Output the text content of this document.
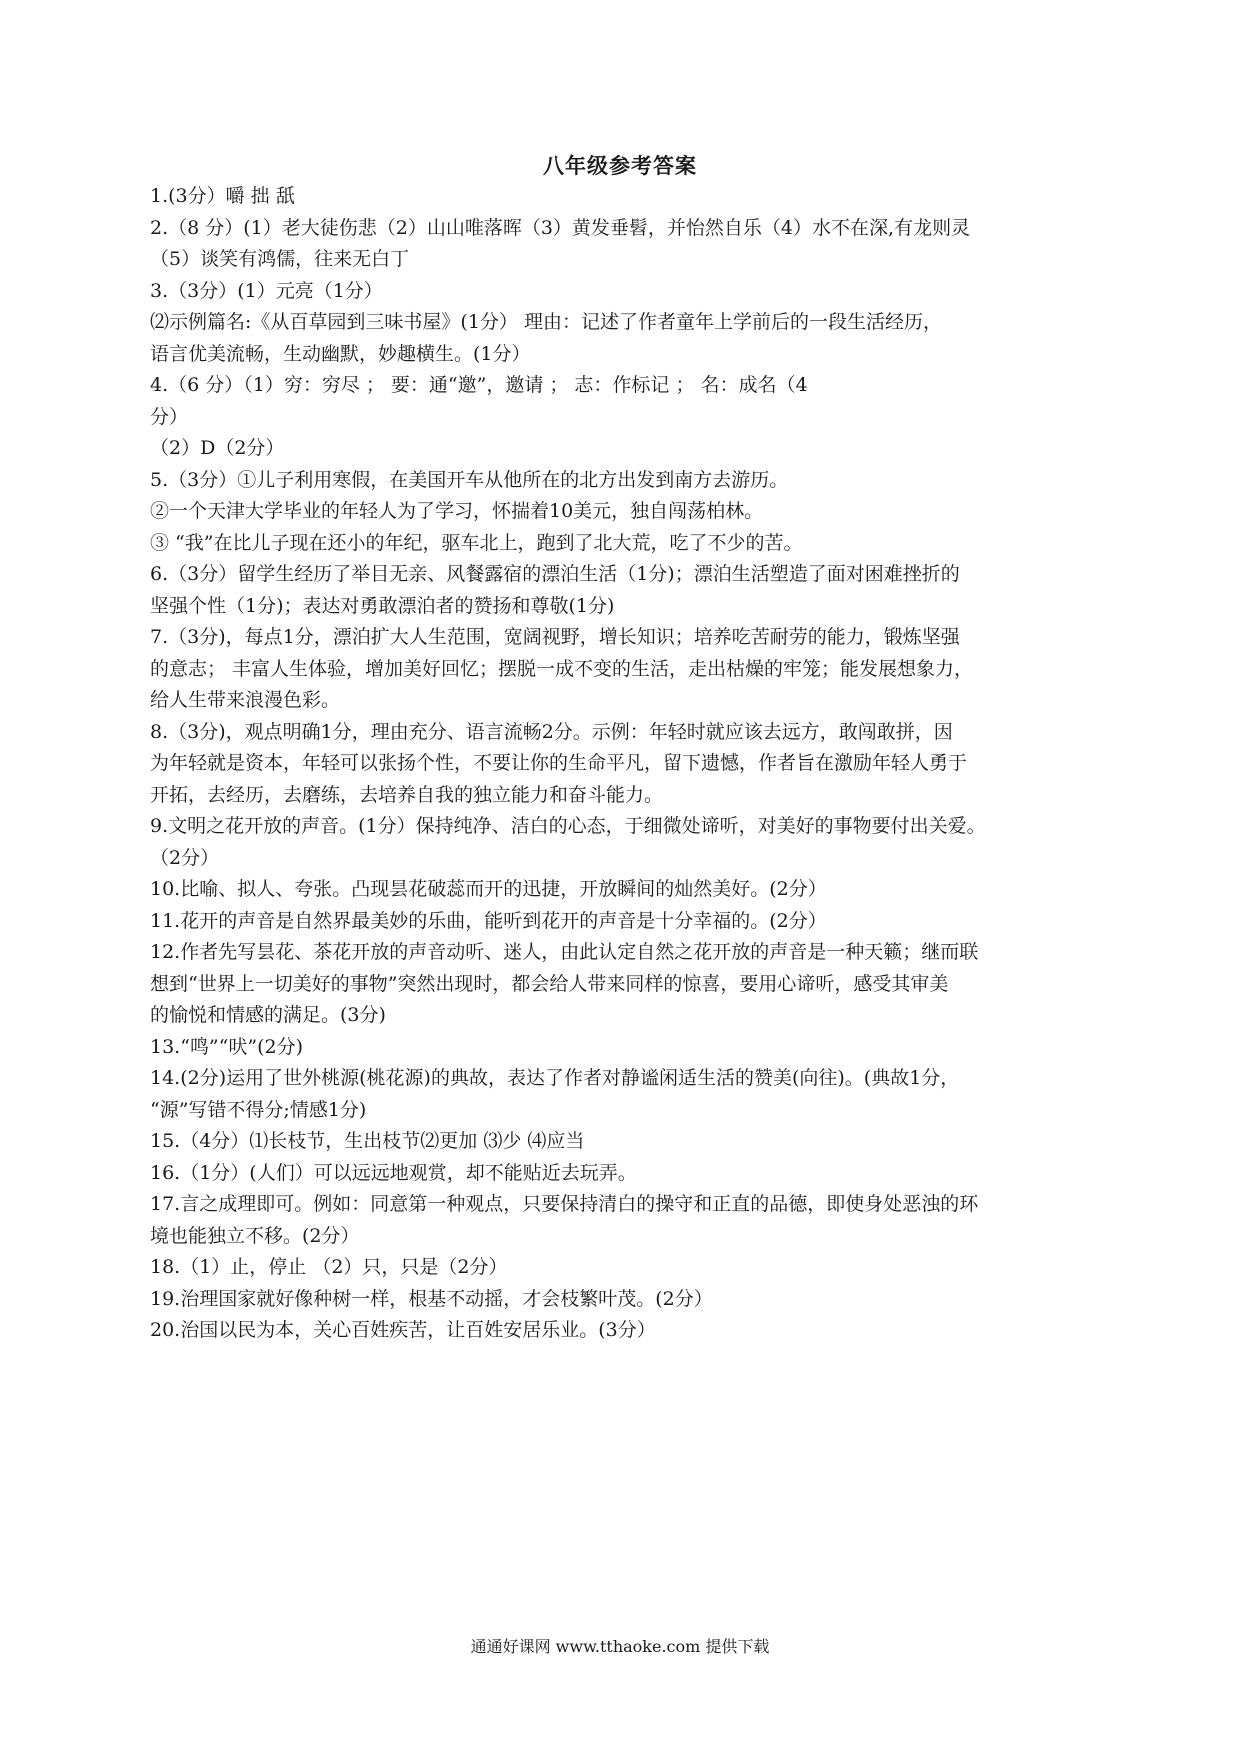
八年级参考答案
1.(3分）嚼 拙 舐
2.（8 分）(1）老大徒伤悲（2）山山唯落晖（3）黄发垂髫，并怡然自乐（4）水不在深,有龙则灵
（5）谈笑有鸿儒，往来无白丁
3.（3分）(1）元亮（1分）
⑵示例篇名:《从百草园到三味书屋》(1分） 理由：记述了作者童年上学前后的一段生活经历，
语言优美流畅，生动幽默，妙趣横生。(1分）
4.（6 分）（1）穷：穷尽 ； 要：通“邀”，邀请 ； 志：作标记 ； 名：成名（4
分）
（2）D（2分）
5.（3分）①儿子利用寒假，在美国开车从他所在的北方出发到南方去游历。
②一个天津大学毕业的年轻人为了学习，怀揣着10美元，独自闯荡柏林。
③ “我”在比儿子现在还小的年纪，驱车北上，跑到了北大荒，吃了不少的苦。
6.（3分）留学生经历了举目无亲、风餐露宿的漂泊生活（1分)；漂泊生活塑造了面对困难挫折的
坚强个性（1分)；表达对勇敢漂泊者的赞扬和尊敬(1分)
7.（3分)，每点1分，漂泊扩大人生范围，宽阔视野，增长知识；培养吃苦耐劳的能力，锻炼坚强
的意志； 丰富人生体验，增加美好回忆；摆脱一成不变的生活，走出枯燥的牢笼；能发展想象力，
给人生带来浪漫色彩。
8.（3分)，观点明确1分，理由充分、语言流畅2分。示例：年轻时就应该去远方，敢闯敢拼，因
为年轻就是资本，年轻可以张扬个性，不要让你的生命平凡，留下遗憾，作者旨在激励年轻人勇于
开拓，去经历，去磨练，去培养自我的独立能力和奋斗能力。
9.文明之花开放的声音。(1分）保持纯净、洁白的心态，于细微处谛听，对美好的事物要付出关爱。
（2分）
10.比喻、拟人、夸张。凸现昙花破蕊而开的迅捷，开放瞬间的灿然美好。(2分）
11.花开的声音是自然界最美妙的乐曲，能听到花开的声音是十分幸福的。(2分）
12.作者先写昙花、茶花开放的声音动听、迷人，由此认定自然之花开放的声音是一种天籁；继而联
想到“世界上一切美好的事物”突然出现时，都会给人带来同样的惊喜，要用心谛听，感受其审美
的愉悦和情感的满足。(3分)
13.“鸣”“吠”(2分)
14.(2分)运用了世外桃源(桃花源)的典故，表达了作者对静谧闲适生活的赞美(向往)。(典故1分，
“源”写错不得分;情感1分)
15.（4分）⑴长枝节，生出枝节⑵更加 ⑶少 ⑷应当
16.（1分）(人们）可以远远地观赏，却不能贴近去玩弄。
17.言之成理即可。例如：同意第一种观点，只要保持清白的操守和正直的品德，即使身处恶浊的环
境也能独立不移。(2分）
18.（1）止，停止 （2）只，只是（2分）
19.治理国家就好像种树一样，根基不动摇，才会枝繁叶茂。(2分）
20.治国以民为本，关心百姓疾苦，让百姓安居乐业。(3分）
通通好课网 www.tthaoke.com 提供下载
